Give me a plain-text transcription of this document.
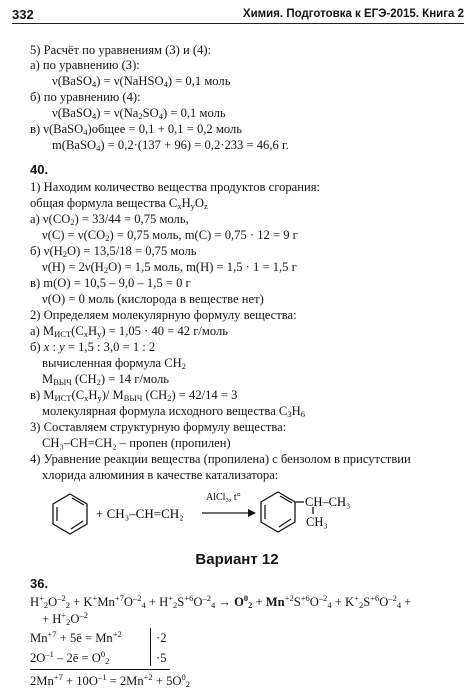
332	Химия. Подготовка к ЕГЭ-2015. Книга 2
5) Расчёт по уравнениям (3) и (4):
а) по уравнению (3):
ν(BaSO$_4$) = ν(NaHSO$_4$) = 0,1 моль
б) по уравнению (4):
ν(BaSO$_4$) = $\nu(Na_2SO_4) = 0,1$ моль
в) ν(BaSO$_4$)общее = 0,1 + 0,1 = 0,2 моль
m(BaSO$_4$) = 0,2·(137 + 96) = 0,2·233 = 46,6 г.
40.
1) Находим количество вещества продуктов сгорания:
общая формула вещества $C_xH_yO_z$
а) $\nu(CO_2) = 33/44 = 0,75$ моль,
$\nu(C) = \nu(CO_2) = 0,75$ моль, m(C) = 0,75 · 12 = 9 г
б) $\nu(H_2O) = 13,5/18 = 0,75$ моль
$\nu(H) = 2\nu(H_2O) = 1,5$ моль, m(H) = 1,5 · 1 = 1,5 г
в) m(O) = 10,5 – 9,0 – 1,5 = 0 г
ν(O) = 0 моль (кислорода в веществе нет)
2) Определяем молекулярную формулу вещества:
а) $M_{ИСТ}(C_xH_y) = 1,05 \cdot 40 = 42$ г/моль
б) x : y = 1,5 : 3,0 = 1 : 2
вычисленная формула $CH_2$
$M_{ВЫЧ}$ $(CH_2) = 14$ г/моль
в) $M_{ИСТ}(C_xH_y)/$ $M_{ВЫЧ}$ $(CH_2) = 42/14 = 3$
молекулярная формула исходного вещества $C_3H_6$
3) Составляем структурную формулу вещества:
CH₃–CH=CH₂ – пропен (пропилен)
4) Уравнение реакции вещества (пропилена) с бензолом в присутствии
хлорида алюминия в качестве катализатора:
+ CH₃–CH=CH₂
AlCl₃, t°	CH–CH₃
CH₃
Вариант 12
36.
$H^+_2O^{-2}_2 + K^+Mn^{+7}O^{-2}_4 + H^+_2S^{+6}O^{-2}_4 \to O^0_2 + Mn^{+2}S^{+6}O^{-2}_4 + K^+_2S^{+6}O^{-2}_4$ +
+ $H^+_2O^{-2}$
$Mn^{+7}$ + 5ē = $Mn^{+2}$
$2O^{-1}$ – 2ē = $O^0_2$
·2
·5
$2Mn^{+7} + 10O^{-1} = 2Mn^{+2} + 5O^0_2$
